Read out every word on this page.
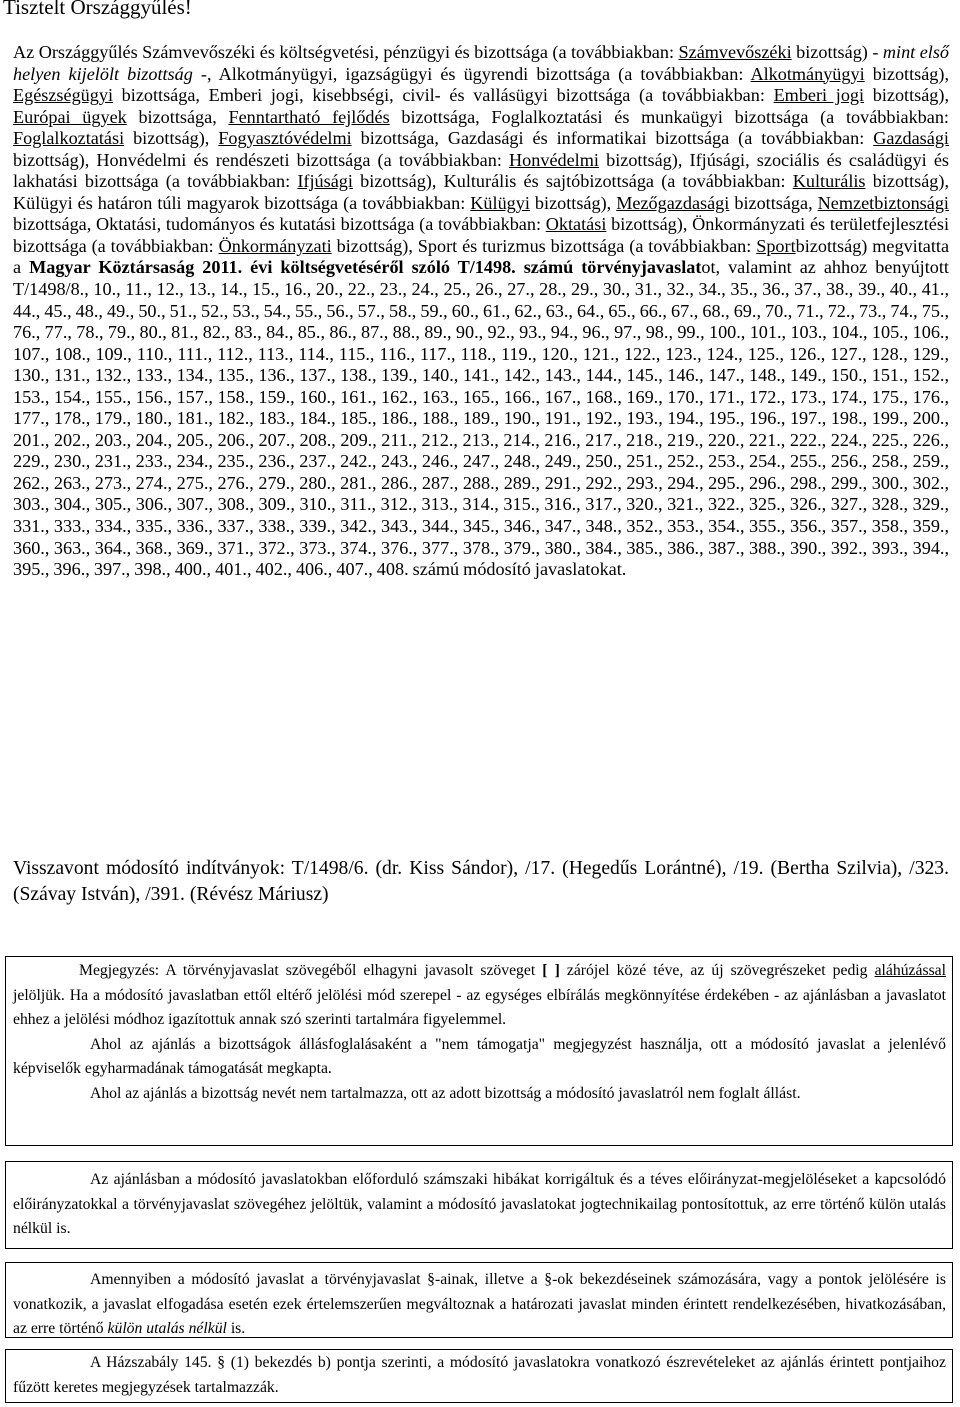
Tisztelt Országgyűlés!
Az Országgyűlés Számvevőszéki és költségvetési, pénzügyi és bizottsága (a továbbiakban: Számvevőszéki bizottság) - mint első helyen kijelölt bizottság -, Alkotmányügyi, igazságügyi és ügyrendi bizottsága (a továbbiakban: Alkotmányügyi bizottság), Egészségügyi bizottsága, Emberi jogi, kisebbségi, civil- és vallásügyi bizottsága (a továbbiakban: Emberi jogi bizottság), Európai ügyek bizottsága, Fenntartható fejlődés bizottsága, Foglalkoztatási és munkaügyi bizottsága (a továbbiakban: Foglalkoztatási bizottság), Fogyasztóvédelmi bizottsága, Gazdasági és informatikai bizottsága (a továbbiakban: Gazdasági bizottság), Honvédelmi és rendészeti bizottsága (a továbbiakban: Honvédelmi bizottság), Ifjúsági, szociális és családügyi és lakhatási bizottsága (a továbbiakban: Ifjúsági bizottság), Kulturális és sajtóbizottsága (a továbbiakban: Kulturális bizottság), Külügyi és határon túli magyarok bizottsága (a továbbiakban: Külügyi bizottság), Mezőgazdasági bizottsága, Nemzetbiztonsági bizottsága, Oktatási, tudományos és kutatási bizottsága (a továbbiakban: Oktatási bizottság), Önkormányzati és területfejlesztési bizottsága (a továbbiakban: Önkormányzati bizottság), Sport és turizmus bizottsága (a továbbiakban: Sportbizottság) megvitatta a Magyar Köztársaság 2011. évi költségvetéséről szóló T/1498. számú törvényjavaslatot, valamint az ahhoz benyújtott T/1498/8., 10., 11., 12., 13., 14., 15., 16., 20., 22., 23., 24., 25., 26., 27., 28., 29., 30., 31., 32., 34., 35., 36., 37., 38., 39., 40., 41., 44., 45., 48., 49., 50., 51., 52., 53., 54., 55., 56., 57., 58., 59., 60., 61., 62., 63., 64., 65., 66., 67., 68., 69., 70., 71., 72., 73., 74., 75., 76., 77., 78., 79., 80., 81., 82., 83., 84., 85., 86., 87., 88., 89., 90., 92., 93., 94., 96., 97., 98., 99., 100., 101., 103., 104., 105., 106., 107., 108., 109., 110., 111., 112., 113., 114., 115., 116., 117., 118., 119., 120., 121., 122., 123., 124., 125., 126., 127., 128., 129., 130., 131., 132., 133., 134., 135., 136., 137., 138., 139., 140., 141., 142., 143., 144., 145., 146., 147., 148., 149., 150., 151., 152., 153., 154., 155., 156., 157., 158., 159., 160., 161., 162., 163., 165., 166., 167., 168., 169., 170., 171., 172., 173., 174., 175., 176., 177., 178., 179., 180., 181., 182., 183., 184., 185., 186., 188., 189., 190., 191., 192., 193., 194., 195., 196., 197., 198., 199., 200., 201., 202., 203., 204., 205., 206., 207., 208., 209., 211., 212., 213., 214., 216., 217., 218., 219., 220., 221., 222., 224., 225., 226., 229., 230., 231., 233., 234., 235., 236., 237., 242., 243., 246., 247., 248., 249., 250., 251., 252., 253., 254., 255., 256., 258., 259., 262., 263., 273., 274., 275., 276., 279., 280., 281., 286., 287., 288., 289., 291., 292., 293., 294., 295., 296., 298., 299., 300., 302., 303., 304., 305., 306., 307., 308., 309., 310., 311., 312., 313., 314., 315., 316., 317., 320., 321., 322., 325., 326., 327., 328., 329., 331., 333., 334., 335., 336., 337., 338., 339., 342., 343., 344., 345., 346., 347., 348., 352., 353., 354., 355., 356., 357., 358., 359., 360., 363., 364., 368., 369., 371., 372., 373., 374., 376., 377., 378., 379., 380., 384., 385., 386., 387., 388., 390., 392., 393., 394., 395., 396., 397., 398., 400., 401., 402., 406., 407., 408. számú módosító javaslatokat.
Visszavont módosító indítványok: T/1498/6. (dr. Kiss Sándor), /17. (Hegedűs Lorántné), /19. (Bertha Szilvia), /323. (Szávay István), /391. (Révész Máriusz)

Megjegyzés: A törvényjavaslat szövegéből elhagyni javasolt szöveget [ ] zárójel közé téve, az új szövegrészeket pedig aláhúzással jelöljük. Ha a módosító javaslatban ettől eltérő jelölési mód szerepel - az egységes elbírálás megkönnyítése érdekében - az ajánlásban a javaslatot ehhez a jelölési módhoz igazítottuk annak szó szerinti tartalmára figyelemmel.

Ahol az ajánlás a bizottságok állásfoglalásaként a "nem támogatja" megjegyzést használja, ott a módosító javaslat a jelenlévő képviselők egyharmadának támogatását megkapta.

Ahol az ajánlás a bizottság nevét nem tartalmazza, ott az adott bizottság a módosító javaslatról nem foglalt állást.

Az ajánlásban a módosító javaslatokban előforduló számszaki hibákat korrigáltuk és a téves előirányzat-megjelöléseket a kapcsolódó előirányzatokkal a törvényjavaslat szövegéhez jelöltük, valamint a módosító javaslatokat jogtechnikailag pontosítottuk, az erre történő külön utalás nélkül is.

Amennyiben a módosító javaslat a törvényjavaslat §-ainak, illetve a §-ok bekezdéseinek számozására, vagy a pontok jelölésére is vonatkozik, a javaslat elfogadása esetén ezek értelemszerűen megváltoznak a határozati javaslat minden érintett rendelkezésében, hivatkozásában, az erre történő külön utalás nélkül is.

A Házszabály 145. § (1) bekezdés b) pontja szerinti, a módosító javaslatokra vonatkozó észrevételeket az ajánlás érintett pontjaihoz fűzött keretes megjegyzések tartalmazzák.
